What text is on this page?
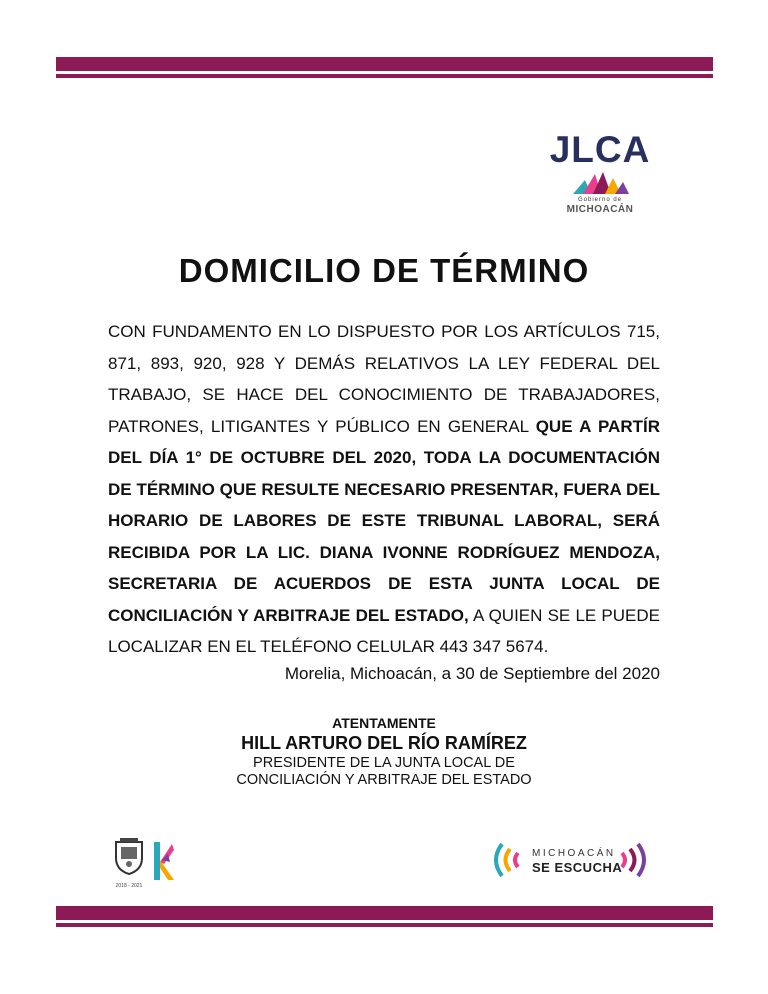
JLCA
Gobierno de
MICHOACÁN
DOMICILIO DE TÉRMINO
CON FUNDAMENTO EN LO DISPUESTO POR LOS ARTÍCULOS 715, 871, 893, 920, 928 Y DEMÁS RELATIVOS LA LEY FEDERAL DEL TRABAJO, SE HACE DEL CONOCIMIENTO DE TRABAJADORES, PATRONES, LITIGANTES Y PÚBLICO EN GENERAL QUE A PARTÍR DEL DÍA 1° DE OCTUBRE DEL 2020, TODA LA DOCUMENTACIÓN DE TÉRMINO QUE RESULTE NECESARIO PRESENTAR, FUERA DEL HORARIO DE LABORES DE ESTE TRIBUNAL LABORAL, SERÁ RECIBIDA POR LA LIC. DIANA IVONNE RODRÍGUEZ MENDOZA, SECRETARIA DE ACUERDOS DE ESTA JUNTA LOCAL DE CONCILIACIÓN Y ARBITRAJE DEL ESTADO, A QUIEN SE LE PUEDE LOCALIZAR EN EL TELÉFONO CELULAR 443 347 5674.
Morelia, Michoacán, a 30 de Septiembre del 2020
ATENTAMENTE
HILL ARTURO DEL RÍO RAMÍREZ
PRESIDENTE DE LA JUNTA LOCAL DE
CONCILIACIÓN Y ARBITRAJE DEL ESTADO
2018 - 2021
MICHOACÁN
SE ESCUCHA
